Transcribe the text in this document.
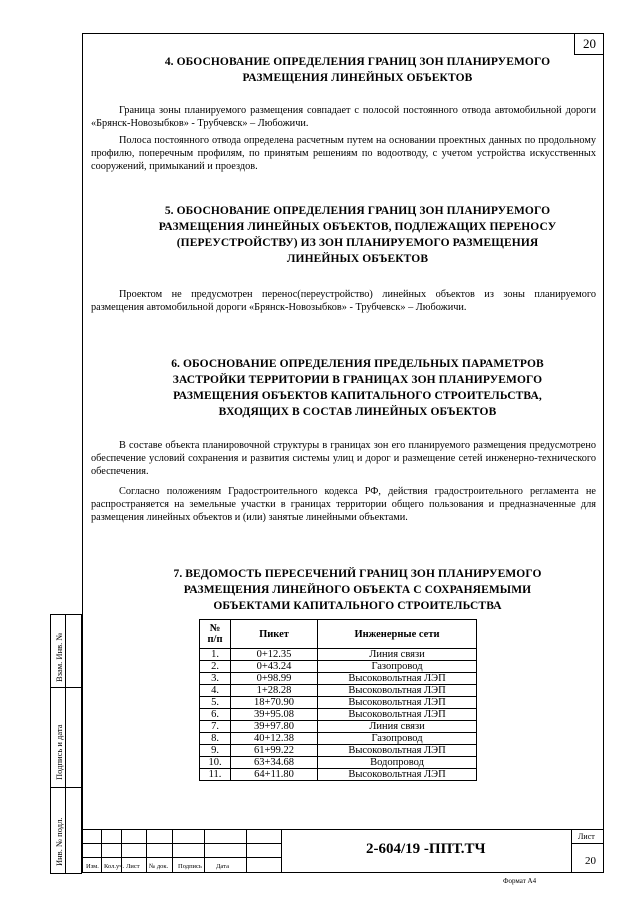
20
4. ОБОСНОВАНИЕ ОПРЕДЕЛЕНИЯ ГРАНИЦ ЗОН ПЛАНИРУЕМОГО
РАЗМЕЩЕНИЯ ЛИНЕЙНЫХ ОБЪЕКТОВ
Граница зоны планируемого размещения совпадает с полосой постоянного отвода автомобильной дороги «Брянск-Новозыбков» - Трубчевск» – Любожичи.
Полоса постоянного отвода определена расчетным путем на основании проектных данных по продольному профилю, поперечным профилям, по принятым решениям по водоотводу, с учетом устройства искусственных сооружений, примыканий и проездов.
5. ОБОСНОВАНИЕ ОПРЕДЕЛЕНИЯ ГРАНИЦ ЗОН ПЛАНИРУЕМОГО
РАЗМЕЩЕНИЯ ЛИНЕЙНЫХ ОБЪЕКТОВ, ПОДЛЕЖАЩИХ ПЕРЕНОСУ
(ПЕРЕУСТРОЙСТВУ) ИЗ ЗОН ПЛАНИРУЕМОГО РАЗМЕЩЕНИЯ
ЛИНЕЙНЫХ ОБЪЕКТОВ
Проектом не предусмотрен перенос(переустройство) линейных объектов из зоны планируемого размещения автомобильной дороги «Брянск-Новозыбков» - Трубчевск» – Любожичи.
6. ОБОСНОВАНИЕ ОПРЕДЕЛЕНИЯ ПРЕДЕЛЬНЫХ ПАРАМЕТРОВ
ЗАСТРОЙКИ ТЕРРИТОРИИ В ГРАНИЦАХ ЗОН ПЛАНИРУЕМОГО
РАЗМЕЩЕНИЯ ОБЪЕКТОВ КАПИТАЛЬНОГО СТРОИТЕЛЬСТВА,
ВХОДЯЩИХ В СОСТАВ ЛИНЕЙНЫХ ОБЪЕКТОВ
В составе объекта планировочной структуры в границах зон его планируемого размещения предусмотрено обеспечение условий сохранения и развития системы улиц и дорог и размещение сетей инженерно-технического обеспечения.
Согласно положениям Градостроительного кодекса РФ, действия градостроительного регламента не распространяется на земельные участки в границах территории общего пользования и предназначенные для размещения линейных объектов и (или) занятые линейными объектами.
7. ВЕДОМОСТЬ ПЕРЕСЕЧЕНИЙ ГРАНИЦ ЗОН ПЛАНИРУЕМОГО
РАЗМЕЩЕНИЯ ЛИНЕЙНОГО ОБЪЕКТА С СОХРАНЯЕМЫМИ
ОБЪЕКТАМИ КАПИТАЛЬНОГО СТРОИТЕЛЬСТВА
№
п/п	Пикет	Инженерные сети
1.	0+12.35	Линия связи
2.	0+43.24	Газопровод
3.	0+98.99	Высоковольтная ЛЭП
4.	1+28.28	Высоковольтная ЛЭП
5.	18+70.90	Высоковольтная ЛЭП
6.	39+95.08	Высоковольтная ЛЭП
7.	39+97.80	Линия связи
8.	40+12.38	Газопровод
9.	61+99.22	Высоковольтная ЛЭП
10.	63+34.68	Водопровод
11.	64+11.80	Высоковольтная ЛЭП
Взам. Инв. №
Подпись и дата
Инв. № подл.
Изм. Кол.уч. Лист № док. Подпись Дата
2-604/19 -ППТ.ТЧ
Лист
20
Формат А4
